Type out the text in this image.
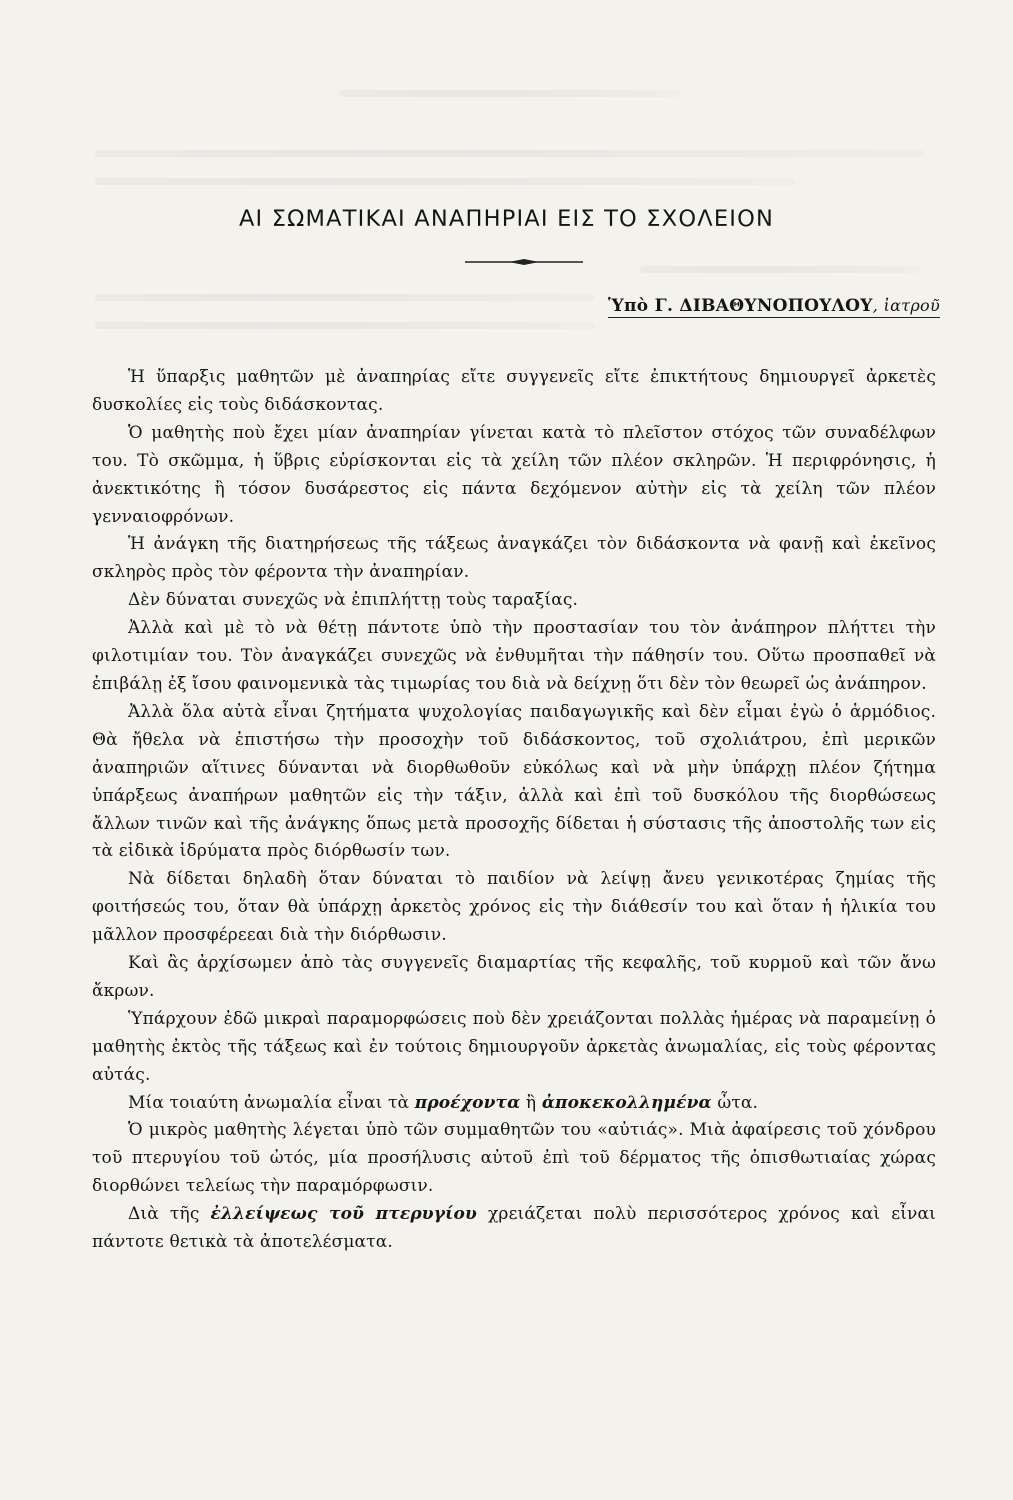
ΑΙ ΣΩΜΑΤΙΚΑΙ ΑΝΑΠΗΡΙΑΙ ΕΙΣ ΤΟ ΣΧΟΛΕΙΟΝ
Ὑπὸ Γ. ΔΙΒΑΘΥΝΟΠΟΥΛΟΥ, ἰατροῦ

Ἡ ὕπαρξις μαθητῶν μὲ ἀναπηρίας εἴτε συγγενεῖς εἴτε ἐπικτήτους δημιουργεῖ ἀρκετὲς δυσκολίες εἰς τοὺς διδάσκοντας.

Ὁ μαθητὴς ποὺ ἔχει μίαν ἀναπηρίαν γίνεται κατὰ τὸ πλεῖστον στόχος τῶν συναδέλφων του. Τὸ σκῶμμα, ἡ ὕβρις εὑρίσκονται εἰς τὰ χείλη τῶν πλέον σκληρῶν. Ἡ περιφρόνησις, ἡ ἀνεκτικότης ἢ τόσον δυσάρεστος εἰς πάντα δεχόμενον αὐτὴν εἰς τὰ χείλη τῶν πλέον γενναιοφρόνων.

Ἡ ἀνάγκη τῆς διατηρήσεως τῆς τάξεως ἀναγκάζει τὸν διδάσκοντα νὰ φανῇ καὶ ἐκεῖνος σκληρὸς πρὸς τὸν φέροντα τὴν ἀναπηρίαν.

Δὲν δύναται συνεχῶς νὰ ἐπιπλήττῃ τοὺς ταραξίας.

Ἀλλὰ καὶ μὲ τὸ νὰ θέτῃ πάντοτε ὑπὸ τὴν προστασίαν του τὸν ἀνάπηρον πλήττει τὴν φιλοτιμίαν του. Τὸν ἀναγκάζει συνεχῶς νὰ ἐνθυμῆται τὴν πάθησίν του. Οὕτω προσπαθεῖ νὰ ἐπιβάλῃ ἐξ ἴσου φαινομενικὰ τὰς τιμωρίας του διὰ νὰ δείχνῃ ὅτι δὲν τὸν θεωρεῖ ὡς ἀνάπηρον.

Ἀλλὰ ὅλα αὐτὰ εἶναι ζητήματα ψυχολογίας παιδαγωγικῆς καὶ δὲν εἶμαι ἐγὼ ὁ ἁρμόδιος. Θὰ ἤθελα νὰ ἐπιστήσω τὴν προσοχὴν τοῦ διδάσκοντος, τοῦ σχολιάτρου, ἐπὶ μερικῶν ἀναπηριῶν αἵτινες δύνανται νὰ διορθωθοῦν εὐκόλως καὶ νὰ μὴν ὑπάρχῃ πλέον ζήτημα ὑπάρξεως ἀναπήρων μαθητῶν εἰς τὴν τάξιν, ἀλλὰ καὶ ἐπὶ τοῦ δυσκόλου τῆς διορθώσεως ἄλλων τινῶν καὶ τῆς ἀνάγκης ὅπως μετὰ προσοχῆς δίδεται ἡ σύστασις τῆς ἀποστολῆς των εἰς τὰ εἰδικὰ ἱδρύματα πρὸς διόρθωσίν των.

Νὰ δίδεται δηλαδὴ ὅταν δύναται τὸ παιδίον νὰ λείψῃ ἄνευ γενικοτέρας ζημίας τῆς φοιτήσεώς του, ὅταν θὰ ὑπάρχῃ ἀρκετὸς χρόνος εἰς τὴν διάθεσίν του καὶ ὅταν ἡ ἡλικία του μᾶλλον προσφέρεεαι διὰ τὴν διόρθωσιν.

Καὶ ἂς ἀρχίσωμεν ἀπὸ τὰς συγγενεῖς διαμαρτίας τῆς κεφαλῆς, τοῦ κυρμοῦ καὶ τῶν ἄνω ἄκρων.

Ὑπάρχουν ἐδῶ μικραὶ παραμορφώσεις ποὺ δὲν χρειάζονται πολλὰς ἡμέρας νὰ παραμείνῃ ὁ μαθητὴς ἐκτὸς τῆς τάξεως καὶ ἐν τούτοις δημιουργοῦν ἀρκετὰς ἀνωμαλίας, εἰς τοὺς φέροντας αὐτάς.

Μία τοιαύτη ἀνωμαλία εἶναι τὰ προέχοντα ἢ ἀποκεκολλημένα ὦτα.

Ὁ μικρὸς μαθητὴς λέγεται ὑπὸ τῶν συμμαθητῶν του «αὐτιάς». Μιὰ ἀφαίρεσις τοῦ χόνδρου τοῦ πτερυγίου τοῦ ὠτός, μία προσήλυσις αὐτοῦ ἐπὶ τοῦ δέρματος τῆς ὀπισθωτιαίας χώρας διορθώνει τελείως τὴν παραμόρφωσιν.

Διὰ τῆς ἐλλείψεως τοῦ πτερυγίου χρειάζεται πολὺ περισσότερος χρόνος καὶ εἶναι πάντοτε θετικὰ τὰ ἀποτελέσματα.
